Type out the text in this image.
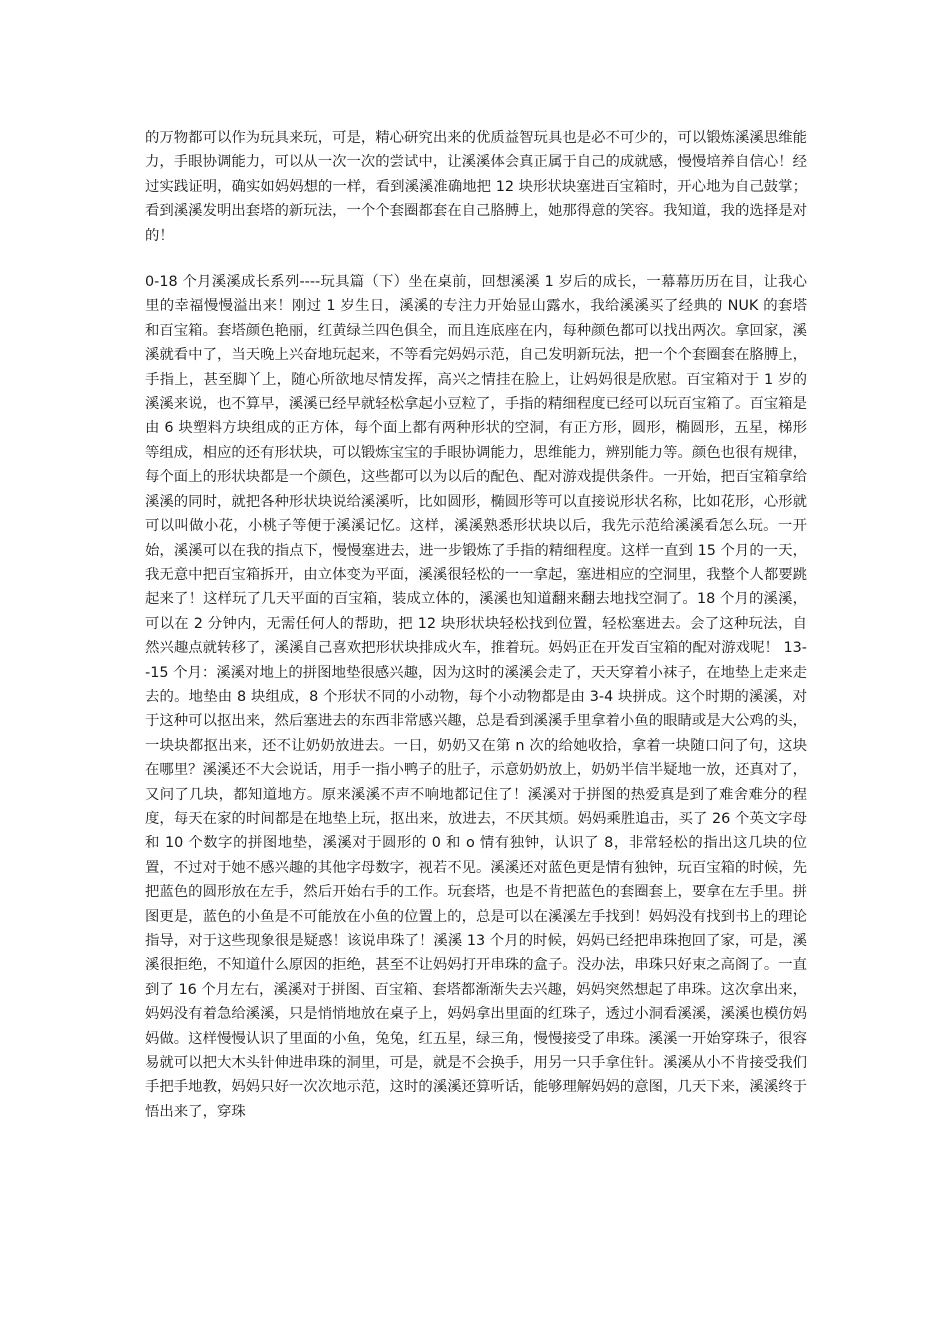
的万物都可以作为玩具来玩，可是，精心研究出来的优质益智玩具也是必不可少的，可以锻炼溪溪思维能力，手眼协调能力，可以从一次一次的尝试中，让溪溪体会真正属于自己的成就感，慢慢培养自信心！经过实践证明，确实如妈妈想的一样，看到溪溪准确地把 12 块形状块塞进百宝箱时，开心地为自己鼓掌；看到溪溪发明出套塔的新玩法，一个个套圈都套在自己胳膊上，她那得意的笑容。我知道，我的选择是对的！

0-18 个月溪溪成长系列----玩具篇（下）坐在桌前，回想溪溪 1 岁后的成长，一幕幕历历在目，让我心里的幸福慢慢溢出来！刚过 1 岁生日，溪溪的专注力开始显山露水，我给溪溪买了经典的 NUK 的套塔和百宝箱。套塔颜色艳丽，红黄绿兰四色俱全，而且连底座在内，每种颜色都可以找出两次。拿回家，溪溪就看中了，当天晚上兴奋地玩起来，不等看完妈妈示范，自己发明新玩法，把一个个套圈套在胳膊上，手指上，甚至脚丫上，随心所欲地尽情发挥，高兴之情挂在脸上，让妈妈很是欣慰。百宝箱对于 1 岁的溪溪来说，也不算早，溪溪已经早就轻松拿起小豆粒了，手指的精细程度已经可以玩百宝箱了。百宝箱是由 6 块塑料方块组成的正方体，每个面上都有两种形状的空洞，有正方形，圆形，椭圆形，五星，梯形等组成，相应的还有形状块，可以锻炼宝宝的手眼协调能力，思维能力，辨别能力等。颜色也很有规律，每个面上的形状块都是一个颜色，这些都可以为以后的配色、配对游戏提供条件。一开始，把百宝箱拿给溪溪的同时，就把各种形状块说给溪溪听，比如圆形，椭圆形等可以直接说形状名称，比如花形，心形就可以叫做小花，小桃子等便于溪溪记忆。这样，溪溪熟悉形状块以后，我先示范给溪溪看怎么玩。一开始，溪溪可以在我的指点下，慢慢塞进去，进一步锻炼了手指的精细程度。这样一直到 15 个月的一天，我无意中把百宝箱拆开，由立体变为平面，溪溪很轻松的一一拿起，塞进相应的空洞里，我整个人都要跳起来了！这样玩了几天平面的百宝箱，装成立体的，溪溪也知道翻来翻去地找空洞了。18 个月的溪溪，可以在 2 分钟内，无需任何人的帮助，把 12 块形状块轻松找到位置，轻松塞进去。会了这种玩法，自然兴趣点就转移了，溪溪自己喜欢把形状块排成火车，推着玩。妈妈正在开发百宝箱的配对游戏呢！ 13--15 个月：溪溪对地上的拼图地垫很感兴趣，因为这时的溪溪会走了，天天穿着小袜子，在地垫上走来走去的。地垫由 8 块组成，8 个形状不同的小动物，每个小动物都是由 3-4 块拼成。这个时期的溪溪，对于这种可以抠出来，然后塞进去的东西非常感兴趣，总是看到溪溪手里拿着小鱼的眼睛或是大公鸡的头，一块块都抠出来，还不让奶奶放进去。一日，奶奶又在第 n 次的给她收拾，拿着一块随口问了句，这块在哪里？溪溪还不大会说话，用手一指小鸭子的肚子，示意奶奶放上，奶奶半信半疑地一放，还真对了，又问了几块，都知道地方。原来溪溪不声不响地都记住了！溪溪对于拼图的热爱真是到了难舍难分的程度，每天在家的时间都是在地垫上玩，抠出来，放进去，不厌其烦。妈妈乘胜追击，买了 26 个英文字母和 10 个数字的拼图地垫，溪溪对于圆形的 0 和 o 情有独钟，认识了 8，非常轻松的指出这几块的位置，不过对于她不感兴趣的其他字母数字，视若不见。溪溪还对蓝色更是情有独钟，玩百宝箱的时候，先把蓝色的圆形放在左手，然后开始右手的工作。玩套塔，也是不肯把蓝色的套圈套上，要拿在左手里。拼图更是，蓝色的小鱼是不可能放在小鱼的位置上的，总是可以在溪溪左手找到！妈妈没有找到书上的理论指导，对于这些现象很是疑惑！该说串珠了！溪溪 13 个月的时候，妈妈已经把串珠抱回了家，可是，溪溪很拒绝，不知道什么原因的拒绝，甚至不让妈妈打开串珠的盒子。没办法，串珠只好束之高阁了。一直到了 16 个月左右，溪溪对于拼图、百宝箱、套塔都渐渐失去兴趣，妈妈突然想起了串珠。这次拿出来，妈妈没有着急给溪溪，只是悄悄地放在桌子上，妈妈拿出里面的红珠子，透过小洞看溪溪，溪溪也模仿妈妈做。这样慢慢认识了里面的小鱼，兔兔，红五星，绿三角，慢慢接受了串珠。溪溪一开始穿珠子，很容易就可以把大木头针伸进串珠的洞里，可是，就是不会换手，用另一只手拿住针。溪溪从小不肯接受我们手把手地教，妈妈只好一次次地示范，这时的溪溪还算听话，能够理解妈妈的意图，几天下来，溪溪终于悟出来了，穿珠
